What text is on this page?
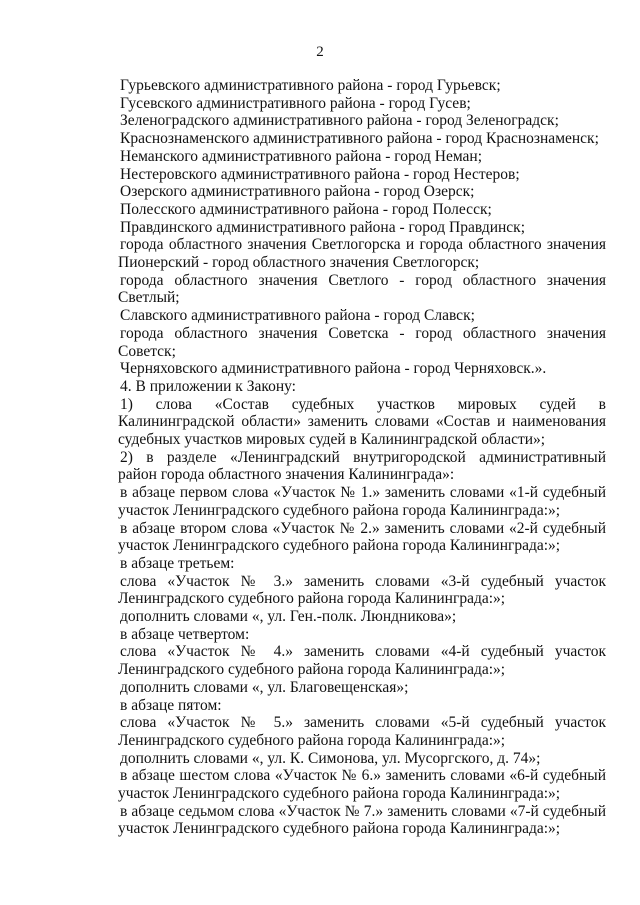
2
Гурьевского административного района - город Гурьевск;
Гусевского административного района - город Гусев;
Зеленоградского административного района - город Зеленоградск;
Краснознаменского административного района - город Краснознаменск;
Неманского административного района - город Неман;
Нестеровского административного района - город Нестеров;
Озерского административного района - город Озерск;
Полесского административного района - город Полесск;
Правдинского административного района - город Правдинск;
города областного значения Светлогорска и города областного значения
Пионерский - город областного значения Светлогорск;
города областного значения Светлого - город областного значения
Светлый;
Славского административного района - город Славск;
города областного значения Советска - город областного значения
Советск;
Черняховского административного района - город Черняховск.».
4. В приложении к Закону:
1) слова «Состав судебных участков мировых судей в
Калининградской области» заменить словами «Состав и наименования
судебных участков мировых судей в Калининградской области»;
2) в разделе «Ленинградский внутригородской административный
район города областного значения Калининграда»:
в абзаце первом слова «Участок № 1.» заменить словами «1-й судебный
участок Ленинградского судебного района города Калининграда:»;
в абзаце втором слова «Участок № 2.» заменить словами «2-й судебный
участок Ленинградского судебного района города Калининграда:»;
в абзаце третьем:
слова «Участок № 3.» заменить словами «3-й судебный участок
Ленинградского судебного района города Калининграда:»;
дополнить словами «, ул. Ген.-полк. Люндникова»;
в абзаце четвертом:
слова «Участок № 4.» заменить словами «4-й судебный участок
Ленинградского судебного района города Калининграда:»;
дополнить словами «, ул. Благовещенская»;
в абзаце пятом:
слова «Участок № 5.» заменить словами «5-й судебный участок
Ленинградского судебного района города Калининграда:»;
дополнить словами «, ул. К. Симонова, ул. Мусоргского, д. 74»;
в абзаце шестом слова «Участок № 6.» заменить словами «6-й судебный
участок Ленинградского судебного района города Калининграда:»;
в абзаце седьмом слова «Участок № 7.» заменить словами «7-й судебный
участок Ленинградского судебного района города Калининграда:»;
